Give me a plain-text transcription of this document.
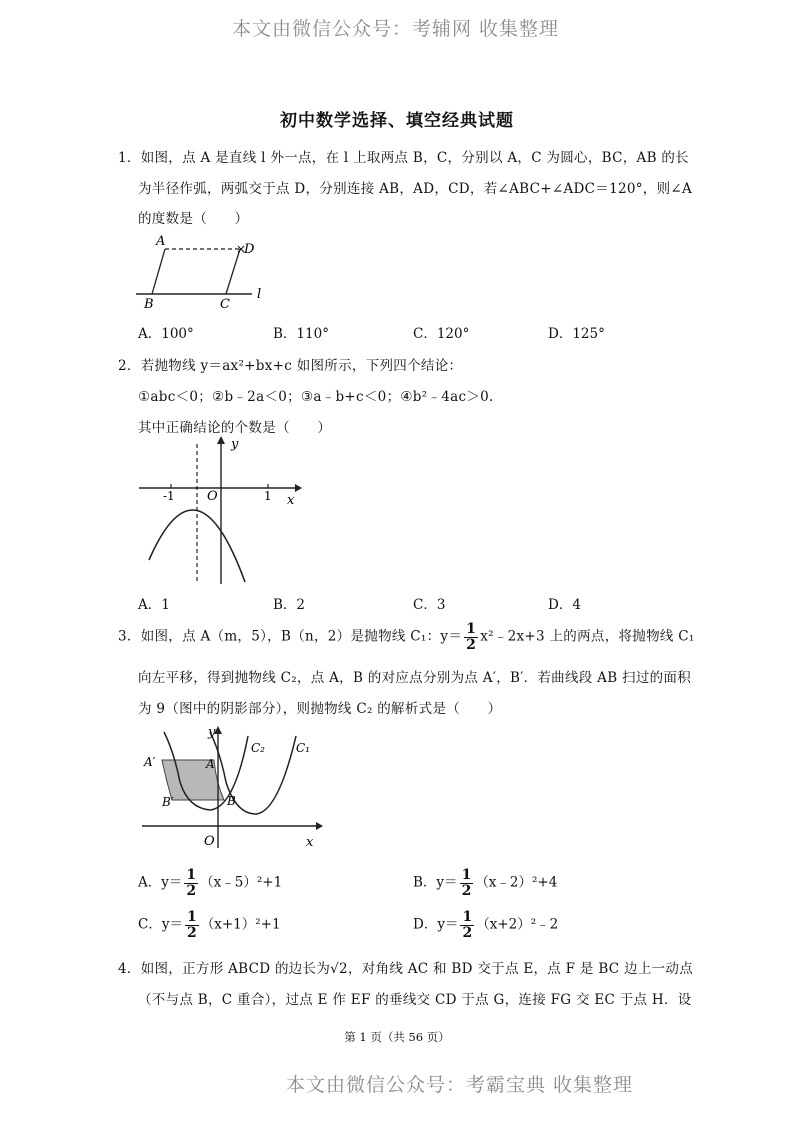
本文由微信公众号：考辅网 收集整理
初中数学选择、填空经典试题
1．如图，点 A 是直线 l 外一点，在 l 上取两点 B，C，分别以 A，C 为圆心，BC，AB 的长
为半径作弧，两弧交于点 D，分别连接 AB，AD，CD，若∠ABC+∠ADC＝120°，则∠A
的度数是（　　）
×
A
D
B	C
l
A．100°	B．110°	C．120°	D．125°
2．若抛物线 y＝ax²+bx+c 如图所示，下列四个结论：
①abc＜0；②b﹣2a＜0；③a﹣b+c＜0；④b²﹣4ac＞0.
其中正确结论的个数是（　　）
y
x
O
-1	1
A．1	B．2	C．3	D．4
3．如图，点 A（m，5），B（n，2）是抛物线 C₁：$y= \frac{1}{2}$ x²﹣2x+3 上的两点，将抛物线 C₁
向左平移，得到抛物线 C₂，点 A，B 的对应点分别为点 A′，B′．若曲线段 AB 扫过的面积
为 9（图中的阴影部分），则抛物线 C₂ 的解析式是（　　）
y
x
O
A
B
A′
B′
C₂	C₁
A．$y= \frac{1}{2}$ （x﹣5）²+1	B．$y= \frac{1}{2}$ （x﹣2）²+4
C．$y= \frac{1}{2} (x+1)^2+1$	D．$y= \frac{1}{2}$ （x+2）²﹣2
4．如图，正方形 ABCD 的边长为√2，对角线 AC 和 BD 交于点 E，点 F 是 BC 边上一动点
（不与点 B，C 重合），过点 E 作 EF 的垂线交 CD 于点 G，连接 FG 交 EC 于点 H．设
第 1 页（共 56 页）
本文由微信公众号：考霸宝典 收集整理
